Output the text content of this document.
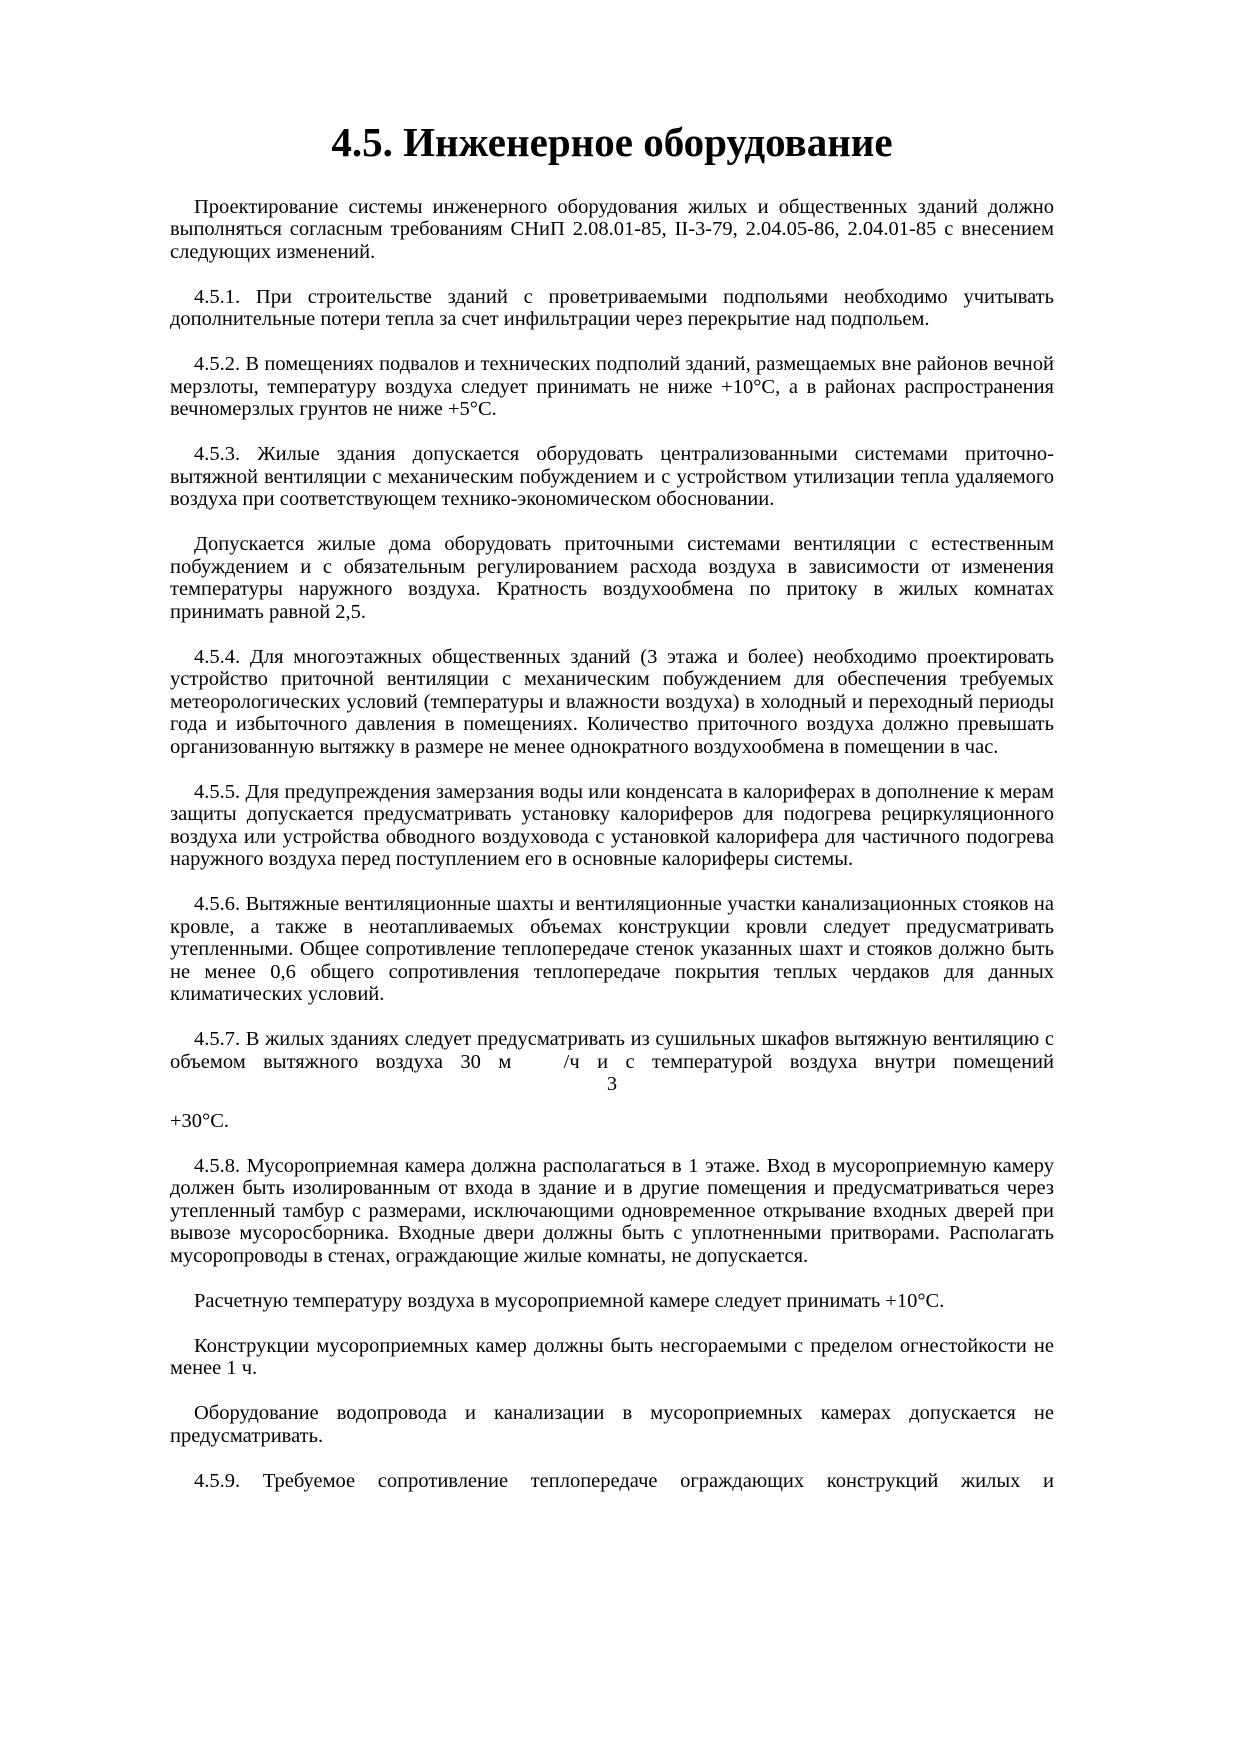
4.5. Инженерное оборудование

Проектирование системы инженерного оборудования жилых и общественных зданий должно выполняться согласным требованиям СНиП 2.08.01-85, II-3-79, 2.04.05-86, 2.04.01-85 с внесением следующих изменений.

4.5.1. При строительстве зданий с проветриваемыми подпольями необходимо учитывать дополнительные потери тепла за счет инфильтрации через перекрытие над подпольем.

4.5.2. В помещениях подвалов и технических подполий зданий, размещаемых вне районов вечной мерзлоты, температуру воздуха следует принимать не ниже +10°С, а в районах распространения вечномерзлых грунтов не ниже +5°С.

4.5.3. Жилые здания допускается оборудовать централизованными системами приточно-вытяжной вентиляции с механическим побуждением и с устройством утилизации тепла удаляемого воздуха при соответствующем технико-экономическом обосновании.

Допускается жилые дома оборудовать приточными системами вентиляции с естественным побуждением и с обязательным регулированием расхода воздуха в зависимости от изменения температуры наружного воздуха. Кратность воздухообмена по притоку в жилых комнатах принимать равной 2,5.

4.5.4. Для многоэтажных общественных зданий (3 этажа и более) необходимо проектировать устройство приточной вентиляции с механическим побуждением для обеспечения требуемых метеорологических условий (температуры и влажности воздуха) в холодный и переходный периоды года и избыточного давления в помещениях. Количество приточного воздуха должно превышать организованную вытяжку в размере не менее однократного воздухообмена в помещении в час.

4.5.5. Для предупреждения замерзания воды или конденсата в калориферах в дополнение к мерам защиты допускается предусматривать установку калориферов для подогрева рециркуляционного воздуха или устройства обводного воздуховода с установкой калорифера для частичного подогрева наружного воздуха перед поступлением его в основные калориферы системы.

4.5.6. Вытяжные вентиляционные шахты и вентиляционные участки канализационных стояков на кровле, а также в неотапливаемых объемах конструкции кровли следует предусматривать утепленными. Общее сопротивление теплопередаче стенок указанных шахт и стояков должно быть не менее 0,6 общего сопротивления теплопередаче покрытия теплых чердаков для данных климатических условий.

4.5.7. В жилых зданиях следует предусматривать из сушильных шкафов вытяжную вентиляцию с объемом вытяжного воздуха 30 м   /ч и с температурой воздуха внутри помещений

3

+30°С.

4.5.8. Мусороприемная камера должна располагаться в 1 этаже. Вход в мусороприемную камеру должен быть изолированным от входа в здание и в другие помещения и предусматриваться через утепленный тамбур с размерами, исключающими одновременное открывание входных дверей при вывозе мусоросборника. Входные двери должны быть с уплотненными притворами. Располагать мусоропроводы в стенах, ограждающие жилые комнаты, не допускается.

Расчетную температуру воздуха в мусороприемной камере следует принимать +10°С.

Конструкции мусороприемных камер должны быть несгораемыми с пределом огнестойкости не менее 1 ч.

Оборудование водопровода и канализации в мусороприемных камерах допускается не предусматривать.

4.5.9. Требуемое сопротивление теплопередаче ограждающих конструкций жилых и
